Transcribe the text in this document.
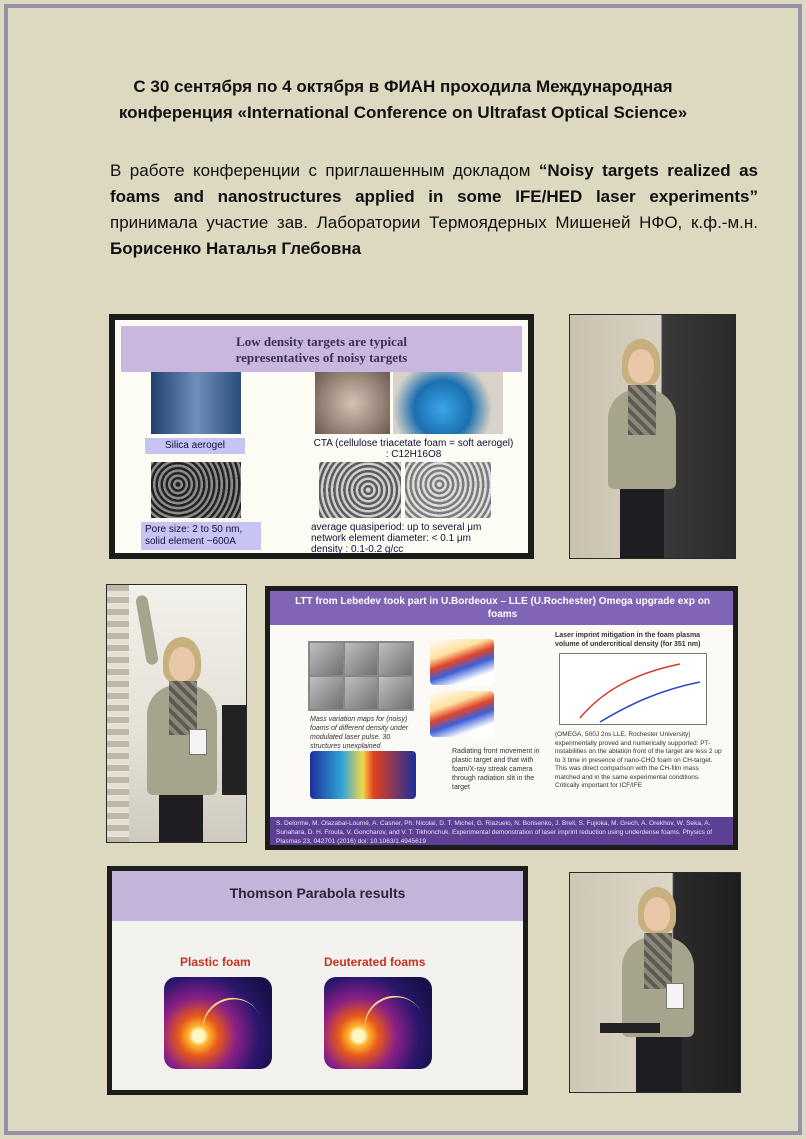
С 30 сентября по 4 октября в ФИАН проходила Международная
конференция «International Conference on Ultrafast Optical Science»
В работе конференции с приглашенным докладом “Noisy targets realized as foams and nanostructures applied in some IFE/HED laser experiments” принимала участие зав. Лаборатории Термоядерных Мишеней НФО, к.ф.-м.н. Борисенко Наталья Глебовна
Low density targets are typical
representatives of noisy targets
Silica aerogel	CTA (cellulose triacetate foam = soft aerogel) : C12H16O8
Pore size: 2 to 50 nm, solid element ~600A
average quasiperiod: up to several μm
network element diameter: < 0.1 μm
density : 0.1-0.2 g/cc
LTT from Lebedev took part in U.Bordeoux – LLE (U.Rochester) Omega upgrade exp on foams
Mass variation maps for (noisy) foams of different density under modulated laser pulse. 30 structures unexplained
Radiating front movement in plastic target and that with foam/X-ray streak camera through radiation slit in the target
Laser imprint mitigation in the foam plasma volume of undercritical density (for 351 nm)
(OMEGA, 500J 2ns LLE, Rochester University) experimentally proved and numerically supported: PT-instabilities on the ablation front of the target are less 2 up to 3 time in presence of nano-CHO foam on CH-target. This was direct comparison with the CH-film mass matched and in the same experimental conditions. Critically important for ICF/IFE
S. Delorme, M. Olazabal-Loumé, A. Casner, Ph. Nicolaï, D. T. Michel, G. Riazuelo, N. Borisenko, J. Breil, S. Fujioka, M. Grech, A. Orekhov, W. Seka, A. Sunahara, D. H. Froula, V. Goncharov, and V. T. Tikhonchuk. Experimental demonstration of laser imprint reduction using underdense foams. Physics of Plasmas 23, 042701 (2016) doi: 10.1063/1.4945619
Thomson Parabola results
Plastic foam	Deuterated foams
